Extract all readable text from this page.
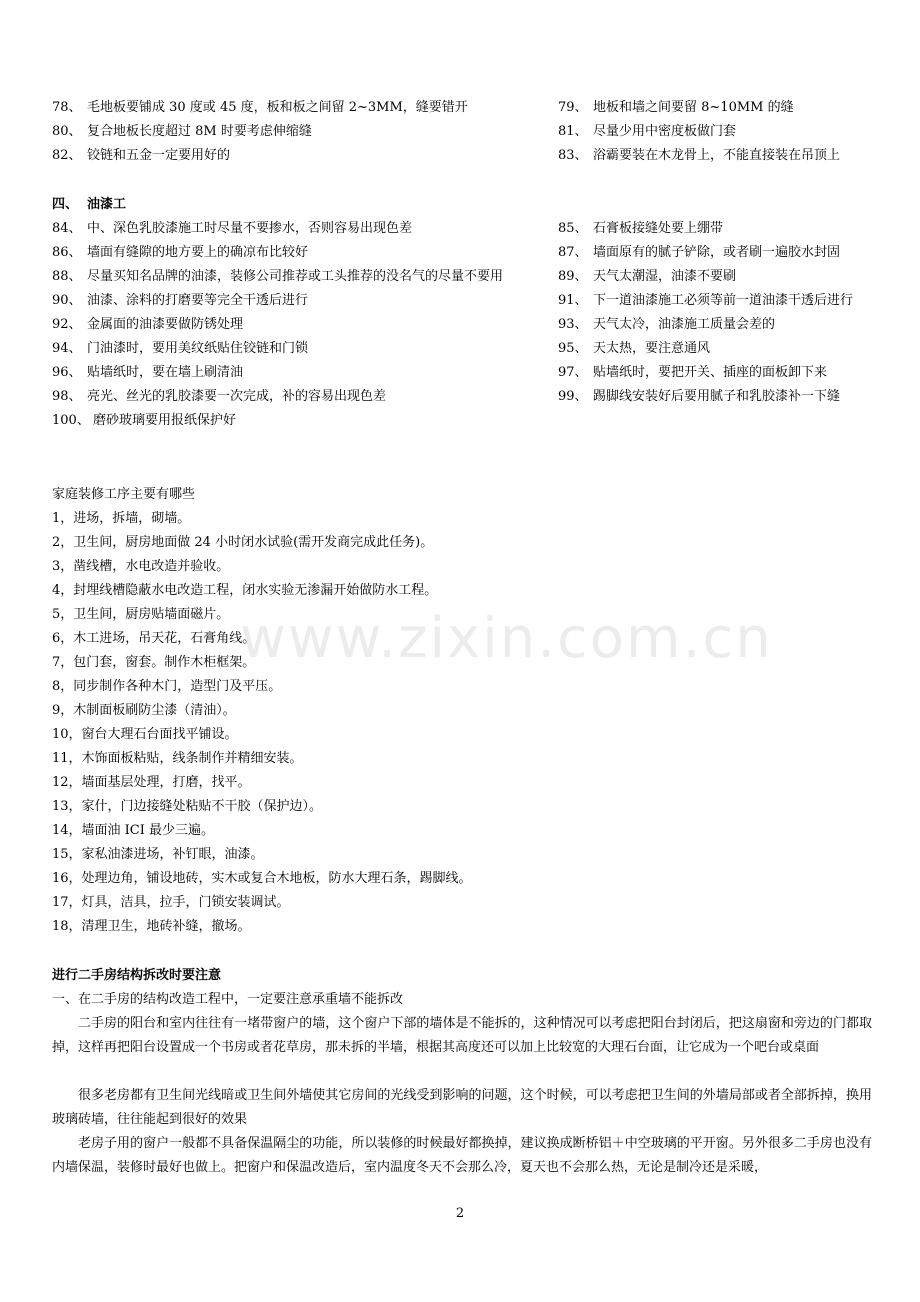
78、 毛地板要铺成 30 度或 45 度，板和板之间留 2~3MM，缝要错开	79、 地板和墙之间要留 8~10MM 的缝
80、 复合地板长度超过 8M 时要考虑伸缩缝	81、 尽量少用中密度板做门套
82、 铰链和五金一定要用好的	83、 浴霸要装在木龙骨上，不能直接装在吊顶上
四、 油漆工
84、 中、深色乳胶漆施工时尽量不要掺水，否则容易出现色差	85、 石膏板接缝处要上绷带
86、 墙面有缝隙的地方要上的确凉布比较好	87、 墙面原有的腻子铲除，或者刷一遍胶水封固
88、 尽量买知名品牌的油漆，装修公司推荐或工头推荐的没名气的尽量不要用	89、 天气太潮湿，油漆不要刷
90、 油漆、涂料的打磨要等完全干透后进行	91、 下一道油漆施工必须等前一道油漆干透后进行
92、 金属面的油漆要做防锈处理	93、 天气太冷，油漆施工质量会差的
94、 门油漆时，要用美纹纸贴住铰链和门锁	95、 天太热，要注意通风
96、 贴墙纸时，要在墙上刷清油	97、 贴墙纸时，要把开关、插座的面板卸下来
98、 亮光、丝光的乳胶漆要一次完成，补的容易出现色差	99、 踢脚线安装好后要用腻子和乳胶漆补一下缝
100、 磨砂玻璃要用报纸保护好
家庭装修工序主要有哪些
1，进场，拆墙，砌墙。
2，卫生间，厨房地面做 24 小时闭水试验(需开发商完成此任务)。
3，凿线槽，水电改造并验收。
4，封埋线槽隐蔽水电改造工程，闭水实验无渗漏开始做防水工程。
5，卫生间，厨房贴墙面磁片。
6，木工进场，吊天花，石膏角线。
7，包门套，窗套。制作木柜框架。
8，同步制作各种木门，造型门及平压。
9，木制面板刷防尘漆（清油）。
10，窗台大理石台面找平铺设。
11，木饰面板粘贴，线条制作并精细安装。
12，墙面基层处理，打磨，找平。
13，家什，门边接缝处粘贴不干胶（保护边）。
14，墙面油 ICI 最少三遍。
15，家私油漆进场，补钉眼，油漆。
16，处理边角，铺设地砖，实木或复合木地板，防水大理石条，踢脚线。
17，灯具，洁具，拉手，门锁安装调试。
18，清理卫生，地砖补缝，撤场。
进行二手房结构拆改时要注意
一、在二手房的结构改造工程中，一定要注意承重墙不能拆改
二手房的阳台和室内往往有一堵带窗户的墙，这个窗户下部的墙体是不能拆的，这种情况可以考虑把阳台封闭后，把这扇窗和旁边的门都取掉，这样再把阳台设置成一个书房或者花草房，那未拆的半墙，根据其高度还可以加上比较宽的大理石台面，让它成为一个吧台或桌面
很多老房都有卫生间光线暗或卫生间外墙使其它房间的光线受到影响的问题，这个时候，可以考虑把卫生间的外墙局部或者全部拆掉，换用玻璃砖墙，往往能起到很好的效果
老房子用的窗户一般都不具备保温隔尘的功能，所以装修的时候最好都换掉，建议换成断桥铝＋中空玻璃的平开窗。另外很多二手房也没有内墙保温，装修时最好也做上。把窗户和保温改造后，室内温度冬天不会那么冷，夏天也不会那么热，无论是制冷还是采暖，
www.zixin.com.cn
2
